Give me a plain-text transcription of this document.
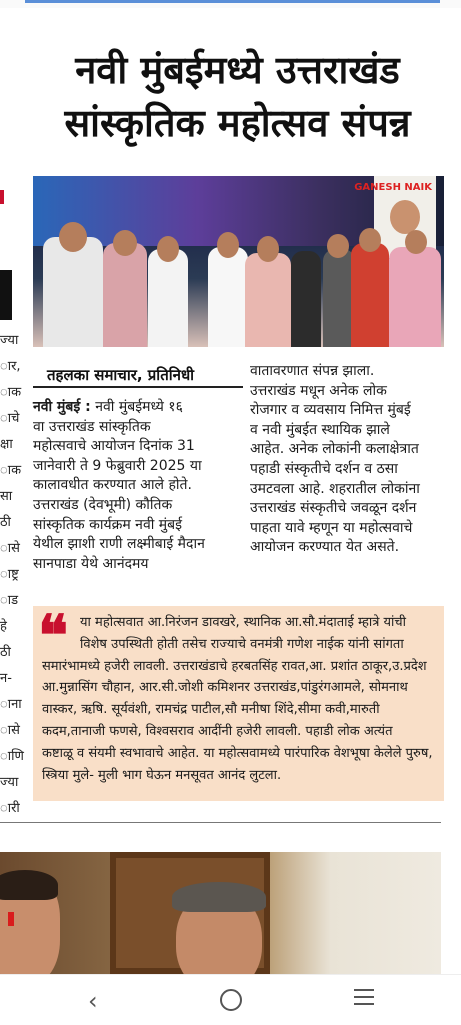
ज्या
ार,
ाक
ाचे
क्षा
ाक
सा
ठी
ासे
ाष्ट्र
ाड
हे
ठी
न-
ाना
ासे
ाणि
ज्या
ारी
नवी मुंबईमध्ये उत्तराखंड
सांस्कृतिक महोत्सव संपन्न
GANESH NAIK
तहलका समाचार, प्रतिनिधी
नवी मुंबई : नवी मुंबईमध्ये १६
वा उत्तराखंड सांस्कृतिक
महोत्सवाचे आयोजन दिनांक 31
जानेवारी ते 9 फेब्रुवारी 2025 या
कालावधीत करण्यात आले होते.
उत्तराखंड (देवभूमी) कौतिक
सांस्कृतिक कार्यक्रम नवी मुंबई
येथील झाशी राणी लक्ष्मीबाई मैदान
सानपाडा येथे आनंदमय
वातावरणात संपन्न झाला.
उत्तराखंड मधून अनेक लोक
रोजगार व व्यवसाय निमित्त मुंबई
व नवी मुंबईत स्थायिक झाले
आहेत. अनेक लोकांनी कलाक्षेत्रात
पहाडी संस्कृतीचे दर्शन व ठसा
उमटवला आहे. शहरातील लोकांना
उत्तराखंड संस्कृतीचे जवळून दर्शन
पाहता यावे म्हणून या महोत्सवाचे
आयोजन करण्यात येत असते.
❝ या महोत्सवात आ.निरंजन डावखरे, स्थानिक आ.सौ.मंदाताई म्हात्रे यांची
विशेष उपस्थिती होती तसेच राज्याचे वनमंत्री गणेश नाईक यांनी सांगता
समारंभामध्ये हजेरी लावली. उत्तराखंडाचे हरबतसिंह रावत,आ. प्रशांत ठाकूर,उ.प्रदेश
आ.मुन्नासिंग चौहान, आर.सी.जोशी कमिशनर उत्तराखंड,पांडुरंगआमले, सोमनाथ
वास्कर, ऋषि. सूर्यवंशी, रामचंद्र पाटील,सौ मनीषा शिंदे,सीमा कवी,मारुती
कदम,तानाजी फणसे, विश्वसराव आदींनी हजेरी लावली. पहाडी लोक अत्यंत
कष्टाळू व संयमी स्वभावाचे आहेत. या महोत्सवामध्ये पारंपारिक वेशभूषा केलेले पुरुष,
स्त्रिया मुले- मुली भाग घेऊन मनसूवत आनंद लुटला.
‹
